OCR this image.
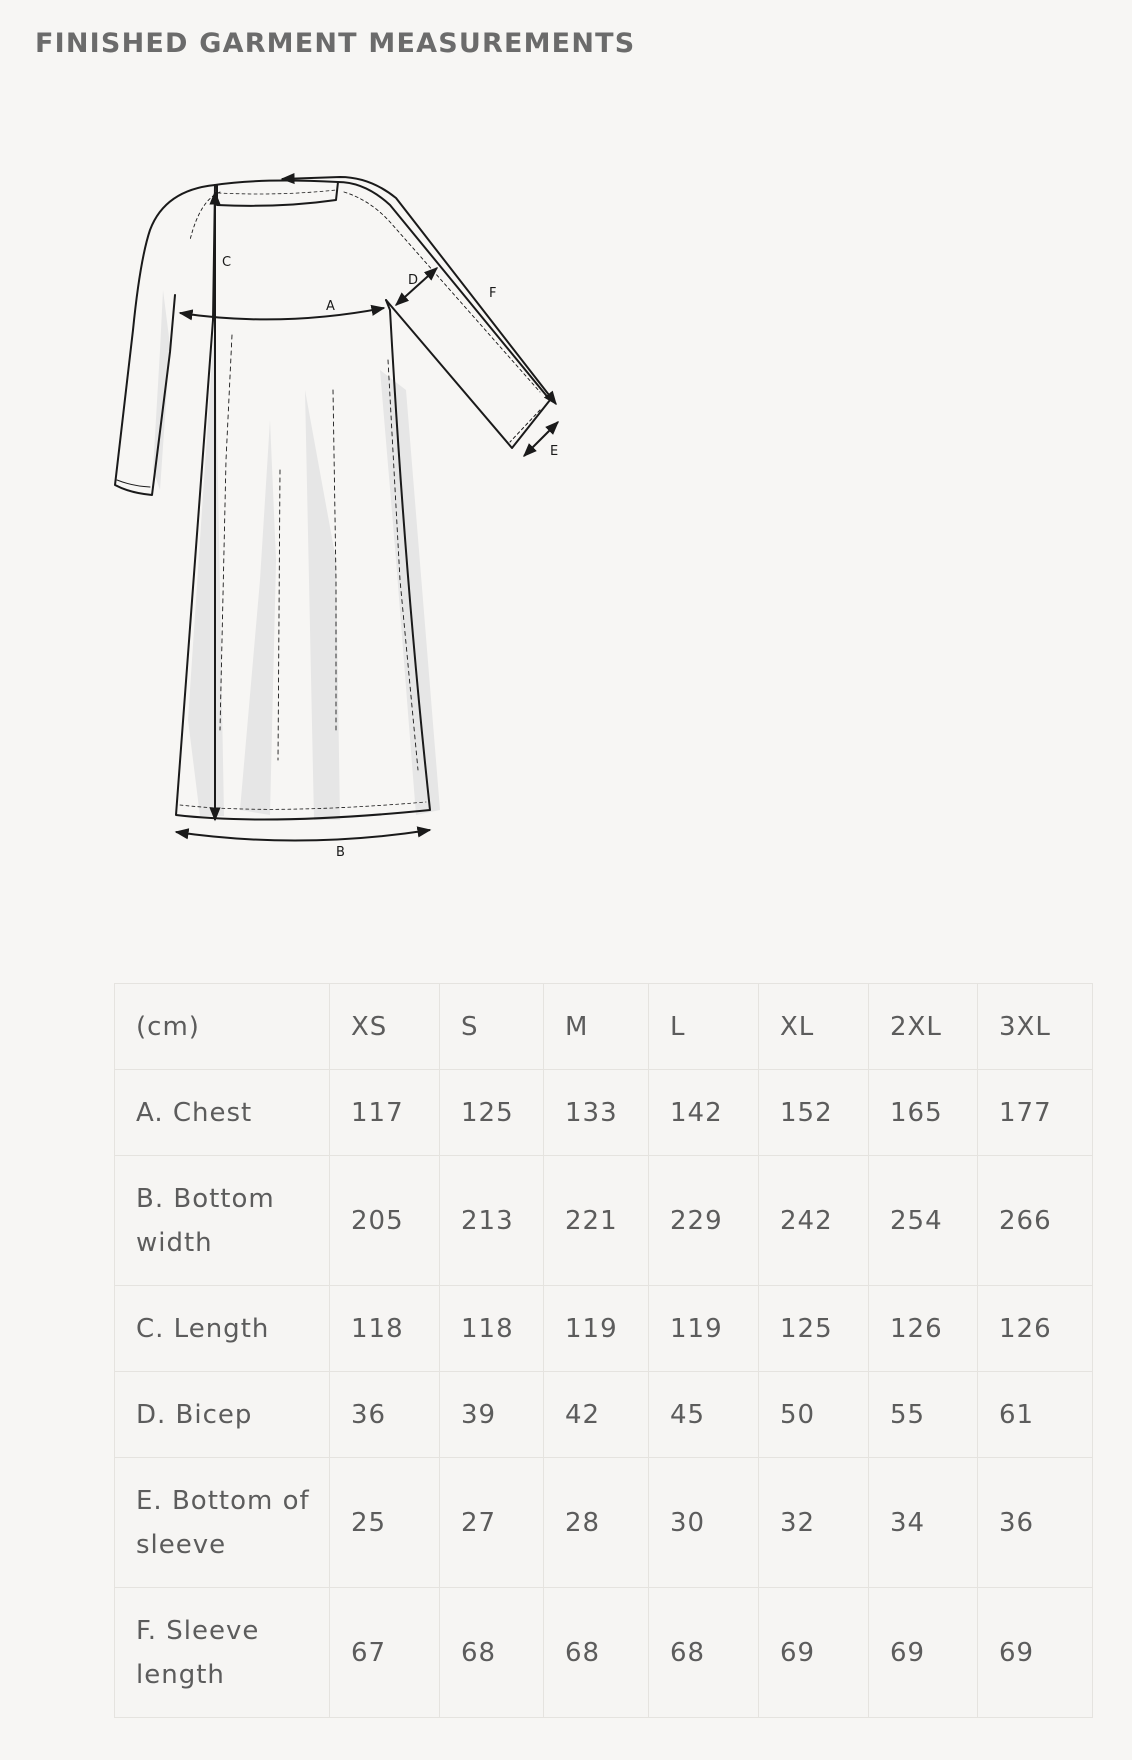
FINISHED GARMENT MEASUREMENTS
C
A
B
D
E
F
(cm)	XS	S	M	L	XL	2XL	3XL
A. Chest	117	125	133	142	152	165	177
B. Bottom width	205	213	221	229	242	254	266
C. Length	118	118	119	119	125	126	126
D. Bicep	36	39	42	45	50	55	61
E. Bottom of sleeve	25	27	28	30	32	34	36
F. Sleeve length	67	68	68	68	69	69	69
